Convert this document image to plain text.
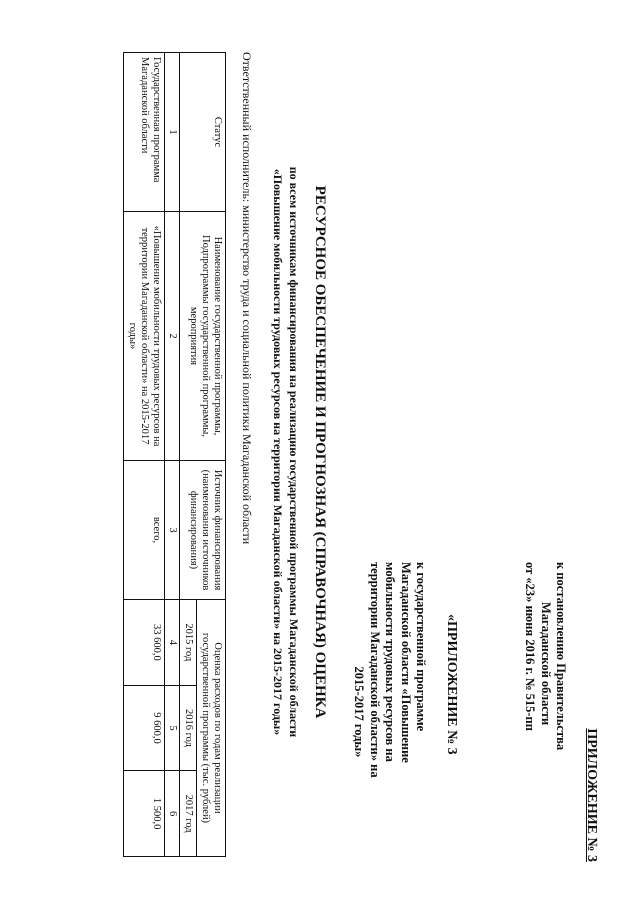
ПРИЛОЖЕНИЕ № 3
к постановлению Правительства
Магаданской области
от «23» июня 2016 г. № 515-пп
«ПРИЛОЖЕНИЕ № 3
к государственной программе
Магаданской области «Повышение
мобильности трудовых ресурсов на
территории Магаданской области» на
2015-2017 годы»
РЕСУРСНОЕ ОБЕСПЕЧЕНИЕ И ПРОГНОЗНАЯ (СПРАВОЧНАЯ) ОЦЕНКА
по всем источникам финансирования на реализацию государственной программы Магаданской области
«Повышение мобильности трудовых ресурсов на территории Магаданской области» на 2015-2017 годы»
Ответственный исполнитель: министерство труда и социальной политики Магаданской области
Статус	Наименование государственной программы, Подпрограммы государственной программы, мероприятия	Источник финансирования (наименования источников финансирования)	Оценка расходов по годам реализации государственной программы (тыс. рублей)		
			2015 год	2016 год	2017 год
1	2	3	4	5	6
Государственная программа Магаданской области	«Повышение мобильности трудовых ресурсов на территории Магаданской области» на 2015-2017 годы»	всего,	33 600,0	9 600,0	1 500,0
